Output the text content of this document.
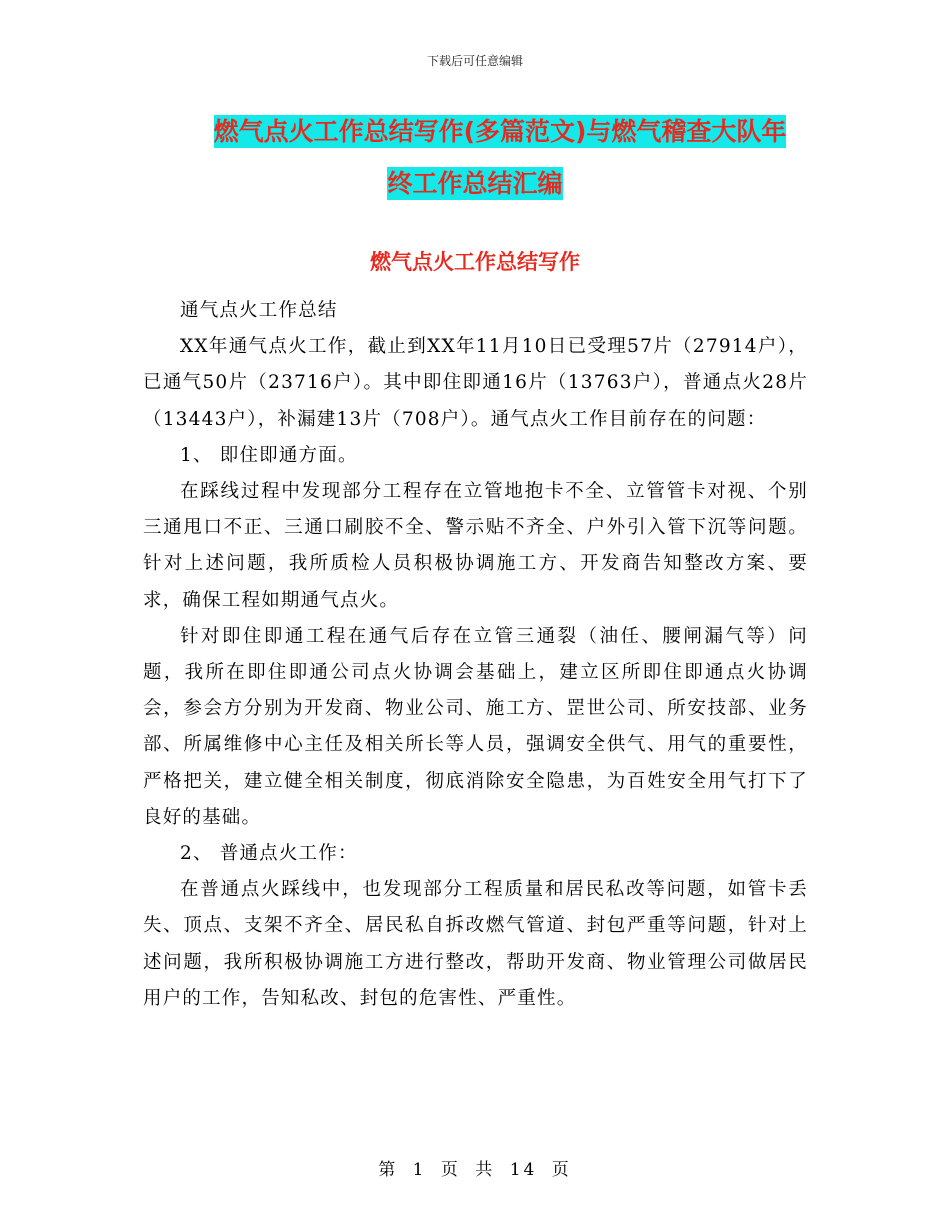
下载后可任意编辑
燃气点火工作总结写作(多篇范文)与燃气稽查大队年
终工作总结汇编
燃气点火工作总结写作

通气点火工作总结

XX年通气点火工作，截止到XX年11月10日已受理57片（27914户），已通气50片（23716户）。其中即住即通16片（13763户），普通点火28片（13443户），补漏建13片（708户）。通气点火工作目前存在的问题：

1、 即住即通方面。

在踩线过程中发现部分工程存在立管地抱卡不全、立管管卡对视、个别三通甩口不正、三通口刷胶不全、警示贴不齐全、户外引入管下沉等问题。针对上述问题，我所质检人员积极协调施工方、开发商告知整改方案、要求，确保工程如期通气点火。

针对即住即通工程在通气后存在立管三通裂（油任、腰闸漏气等）问题，我所在即住即通公司点火协调会基础上，建立区所即住即通点火协调会，参会方分别为开发商、物业公司、施工方、罡世公司、所安技部、业务部、所属维修中心主任及相关所长等人员，强调安全供气、用气的重要性，严格把关，建立健全相关制度，彻底消除安全隐患，为百姓安全用气打下了良好的基础。

2、 普通点火工作：

在普通点火踩线中，也发现部分工程质量和居民私改等问题，如管卡丢失、顶点、支架不齐全、居民私自拆改燃气管道、封包严重等问题，针对上述问题，我所积极协调施工方进行整改，帮助开发商、物业管理公司做居民用户的工作，告知私改、封包的危害性、严重性。

第 1 页 共 14 页
